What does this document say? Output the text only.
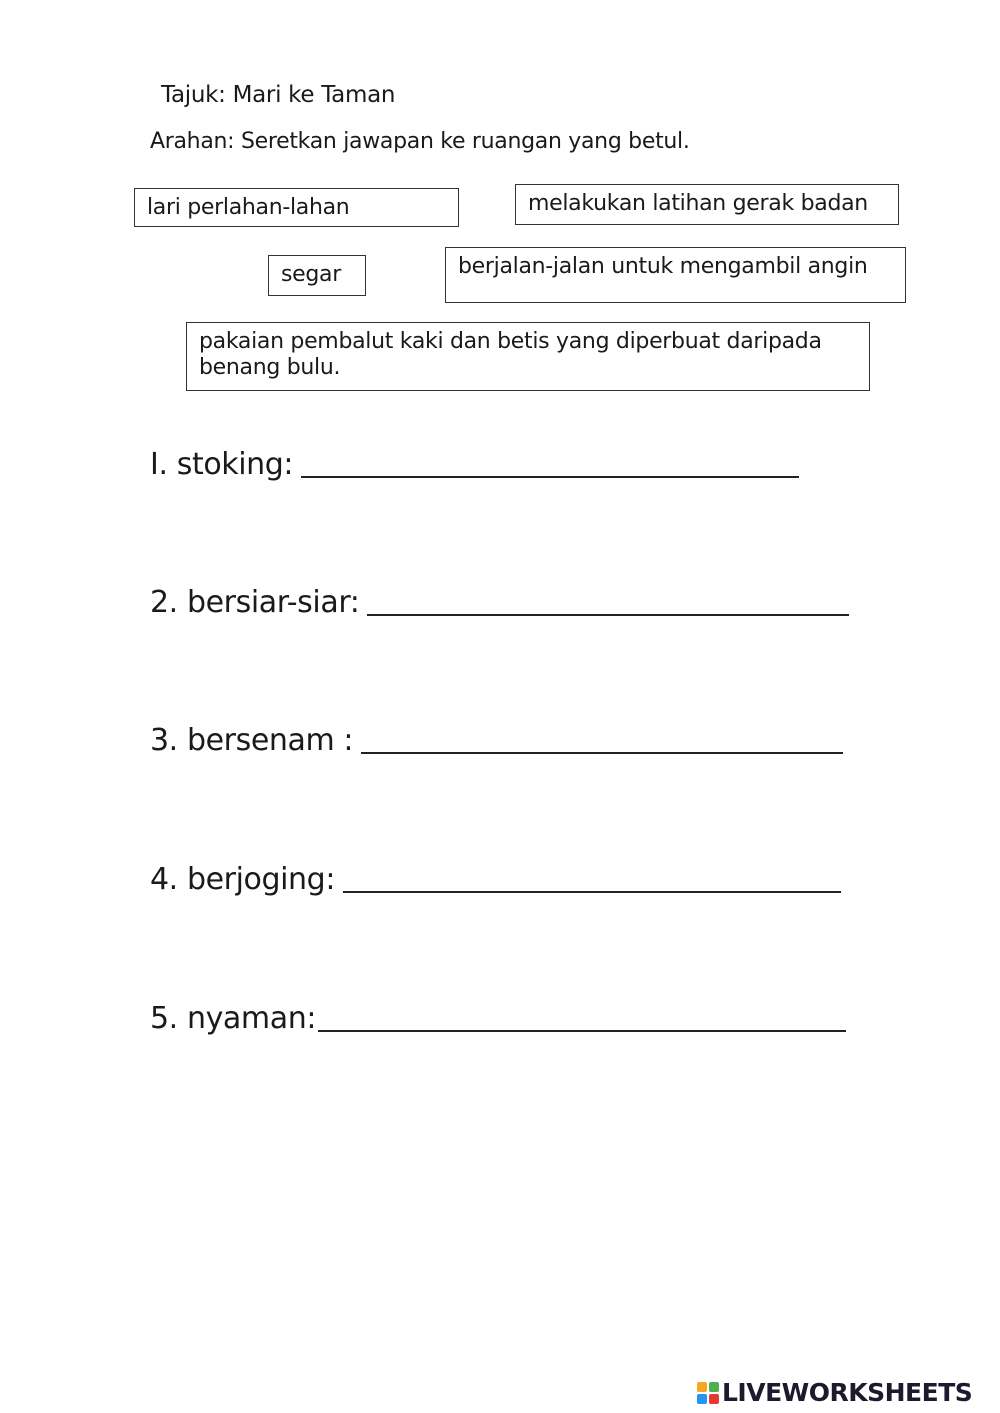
Tajuk: Mari ke Taman
Arahan: Seretkan jawapan ke ruangan yang betul.
lari perlahan-lahan	melakukan latihan gerak badan
segar	berjalan-jalan untuk mengambil angin
pakaian pembalut kaki dan betis yang diperbuat daripada benang bulu.
I. stoking:
2. bersiar-siar:
3. bersenam :
4. berjoging:
5. nyaman:
LIVEWORKSHEETS
